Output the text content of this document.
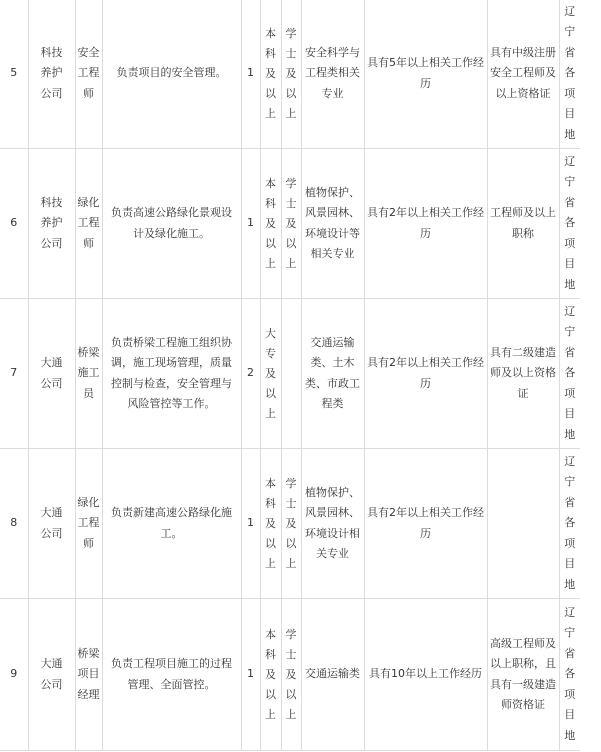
5	科技养护公司	安全工程师	负责项目的安全管理。	1	本科及以上	学士及以上	安全科学与工程类相关专业	具有5年以上相关工作经历	具有中级注册安全工程师及以上资格证	辽宁省各项目地

6	科技养护公司	绿化工程师	负责高速公路绿化景观设计及绿化施工。	1	本科及以上	学士及以上	植物保护、风景园林、环境设计等相关专业	具有2年以上相关工作经历	工程师及以上职称	辽宁省各项目地

7	大通公司	桥梁施工员	负责桥梁工程施工组织协调，施工现场管理，质量控制与检查，安全管理与风险管控等工作。	2	大专及以上		交通运输类、土木类、市政工程类	具有2年以上相关工作经历	具有二级建造师及以上资格证	辽宁省各项目地

8	大通公司	绿化工程师	负责新建高速公路绿化施工。	1	本科及以上	学士及以上	植物保护、风景园林、环境设计相关专业	具有2年以上相关工作经历		辽宁省各项目地

9	大通公司	桥梁项目经理	负责工程项目施工的过程管理、全面管控。	1	本科及以上	学士及以上	交通运输类	具有10年以上工作经历	高级工程师及以上职称，且具有一级建造师资格证	辽宁省各项目地
